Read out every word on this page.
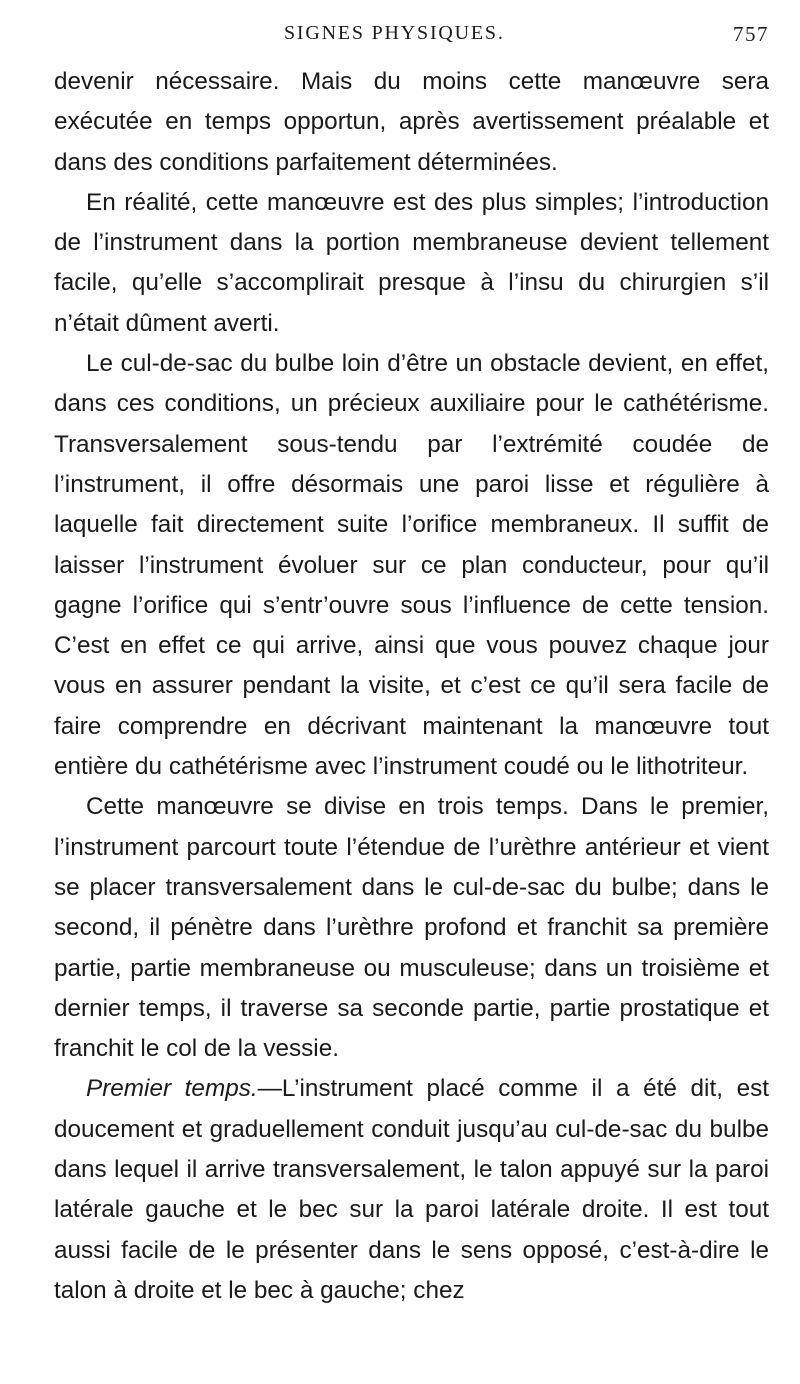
SIGNES PHYSIQUES.	757

devenir nécessaire. Mais du moins cette manœuvre sera exécutée en temps opportun, après avertissement préalable et dans des conditions parfaitement déterminées.

En réalité, cette manœuvre est des plus simples; l’introduction de l’instrument dans la portion membraneuse devient tellement facile, qu’elle s’accomplirait presque à l’insu du chirurgien s’il n’était dûment averti.

Le cul-de-sac du bulbe loin d’être un obstacle devient, en effet, dans ces conditions, un précieux auxiliaire pour le cathétérisme. Transversalement sous-tendu par l’extrémité coudée de l’instrument, il offre désormais une paroi lisse et régulière à laquelle fait directement suite l’orifice membraneux. Il suffit de laisser l’instrument évoluer sur ce plan conducteur, pour qu’il gagne l’orifice qui s’entr’ouvre sous l’influence de cette tension. C’est en effet ce qui arrive, ainsi que vous pouvez chaque jour vous en assurer pendant la visite, et c’est ce qu’il sera facile de faire comprendre en décrivant maintenant la manœuvre tout entière du cathétérisme avec l’instrument coudé ou le lithotriteur.

Cette manœuvre se divise en trois temps. Dans le premier, l’instrument parcourt toute l’étendue de l’urèthre antérieur et vient se placer transversalement dans le cul-de-sac du bulbe; dans le second, il pénètre dans l’urèthre profond et franchit sa première partie, partie membraneuse ou musculeuse; dans un troisième et dernier temps, il traverse sa seconde partie, partie prostatique et franchit le col de la vessie.

Premier temps.—L’instrument placé comme il a été dit, est doucement et graduellement conduit jusqu’au cul-de-sac du bulbe dans lequel il arrive transversalement, le talon appuyé sur la paroi latérale gauche et le bec sur la paroi latérale droite. Il est tout aussi facile de le présenter dans le sens opposé, c’est-à-dire le talon à droite et le bec à gauche; chez
